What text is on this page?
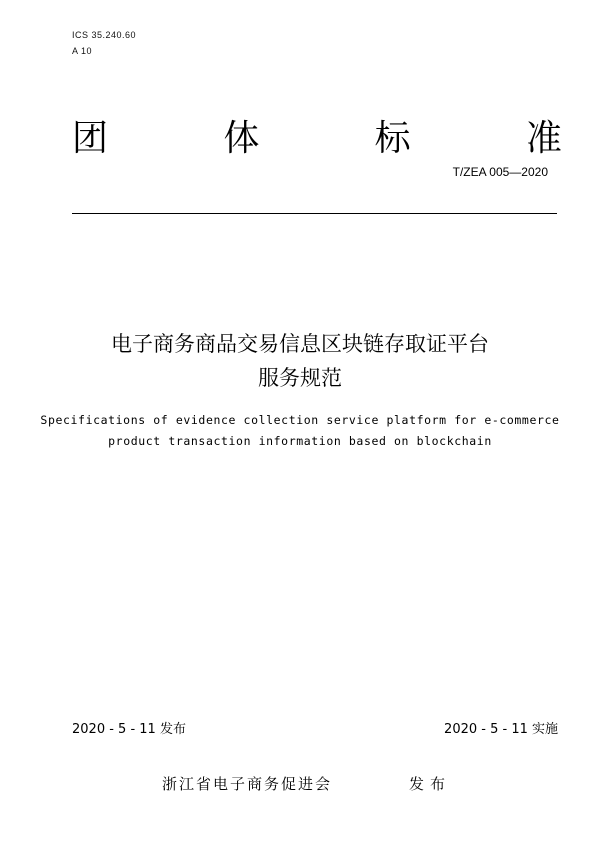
ICS 35.240.60
A 10
团	体	标	准
T/ZEA 005—2020
电子商务商品交易信息区块链存取证平台
服务规范
Specifications of evidence collection service platform for e-commerce
product transaction information based on blockchain
2020 - 5 - 11 发布	2020 - 5 - 11 实施
浙江省电子商务促进会	发布
